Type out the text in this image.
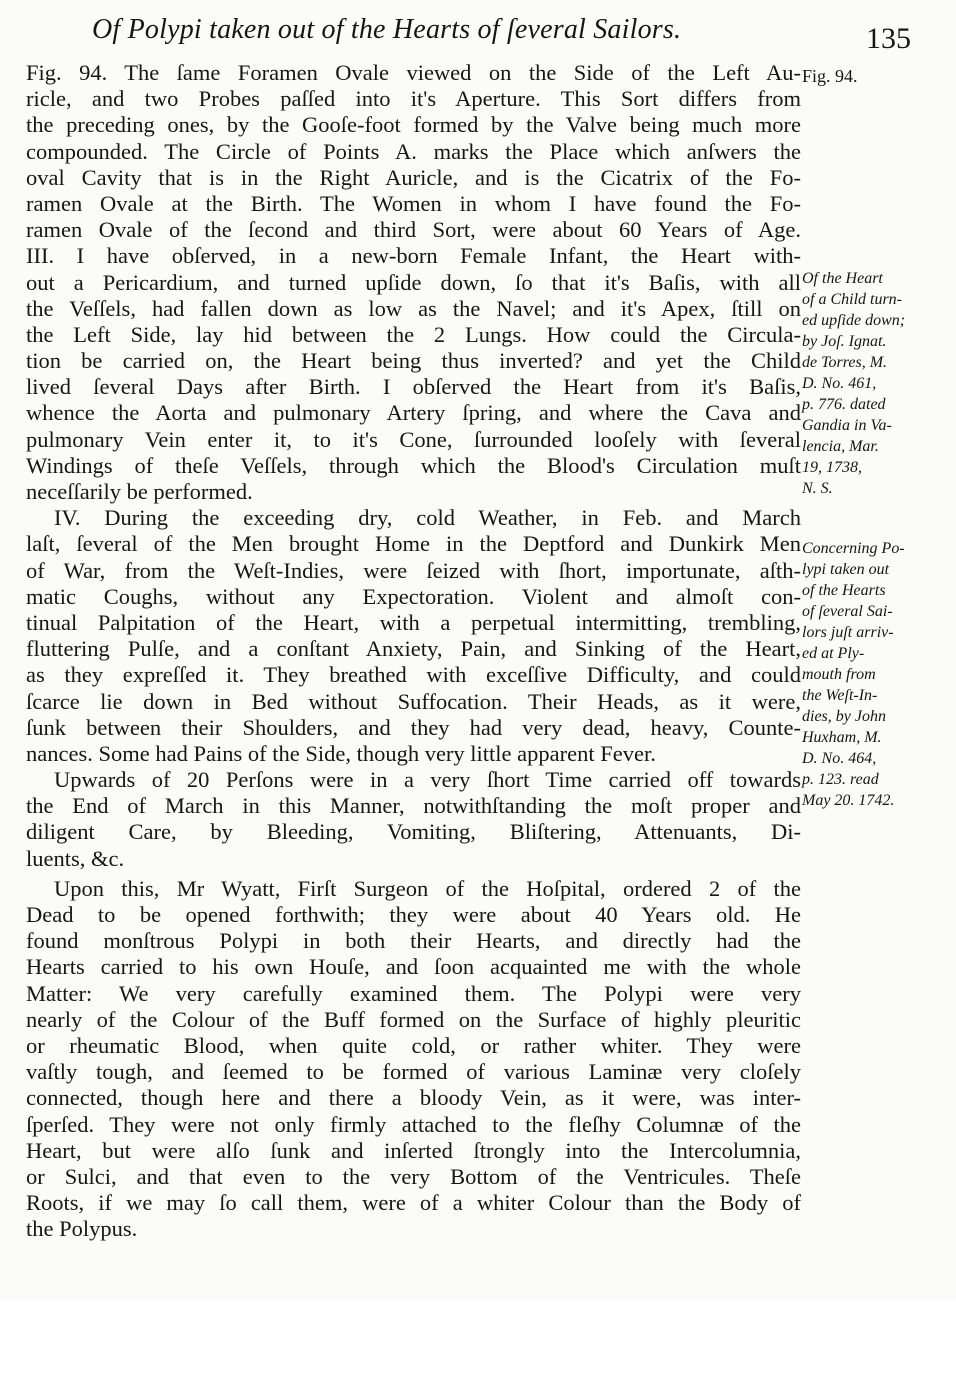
Of Polypi taken out of the Hearts of ſeveral Sailors.	135
Fig. 94. The ſame Foramen Ovale viewed on the Side of the Left Au-
ricle, and two Probes paſſed into it's Aperture. This Sort differs from
the preceding ones, by the Gooſe-foot formed by the Valve being much more
compounded. The Circle of Points A. marks the Place which anſwers the
oval Cavity that is in the Right Auricle, and is the Cicatrix of the Fo-
ramen Ovale at the Birth. The Women in whom I have found the Fo-
ramen Ovale of the ſecond and third Sort, were about 60 Years of Age.
III. I have obſerved, in a new-born Female Infant, the Heart with-
out a Pericardium, and turned upſide down, ſo that it's Baſis, with all
the Veſſels, had fallen down as low as the Navel; and it's Apex, ſtill on
the Left Side, lay hid between the 2 Lungs. How could the Circula-
tion be carried on, the Heart being thus inverted? and yet the Child
lived ſeveral Days after Birth. I obſerved the Heart from it's Baſis,
whence the Aorta and pulmonary Artery ſpring, and where the Cava and
pulmonary Vein enter it, to it's Cone, ſurrounded looſely with ſeveral
Windings of theſe Veſſels, through which the Blood's Circulation muſt
neceſſarily be performed.
IV. During the exceeding dry, cold Weather, in Feb. and March
laſt, ſeveral of the Men brought Home in the Deptford and Dunkirk Men
of War, from the Weſt-Indies, were ſeized with ſhort, importunate, aſth-
matic Coughs, without any Expectoration. Violent and almoſt con-
tinual Palpitation of the Heart, with a perpetual intermitting, trembling,
fluttering Pulſe, and a conſtant Anxiety, Pain, and Sinking of the Heart,
as they expreſſed it. They breathed with exceſſive Difficulty, and could
ſcarce lie down in Bed without Suffocation. Their Heads, as it were,
ſunk between their Shoulders, and they had very dead, heavy, Counte-
nances. Some had Pains of the Side, though very little apparent Fever.
Upwards of 20 Perſons were in a very ſhort Time carried off towards
the End of March in this Manner, notwithſtanding the moſt proper and
diligent Care, by Bleeding, Vomiting, Bliſtering, Attenuants, Di-
luents, &c.
Upon this, Mr Wyatt, Firſt Surgeon of the Hoſpital, ordered 2 of the
Dead to be opened forthwith; they were about 40 Years old. He
found monſtrous Polypi in both their Hearts, and directly had the
Hearts carried to his own Houſe, and ſoon acquainted me with the whole
Matter: We very carefully examined them. The Polypi were very
nearly of the Colour of the Buff formed on the Surface of highly pleuritic
or rheumatic Blood, when quite cold, or rather whiter. They were
vaſtly tough, and ſeemed to be formed of various Laminæ very cloſely
connected, though here and there a bloody Vein, as it were, was inter-
ſperſed. They were not only firmly attached to the fleſhy Columnæ of the
Heart, but were alſo ſunk and inſerted ſtrongly into the Intercolumnia,
or Sulci, and that even to the very Bottom of the Ventricules. Theſe
Roots, if we may ſo call them, were of a whiter Colour than the Body of
the Polypus.
Fig. 94.
Of the Heart
of a Child turn-
ed upſide down;
by Joſ. Ignat.
de Torres, M.
D. No. 461,
p. 776. dated
Gandia in Va-
lencia, Mar.
19, 1738,
N. S.
Concerning Po-
lypi taken out
of the Hearts
of ſeveral Sai-
lors juſt arriv-
ed at Ply-
mouth from
the Weſt-In-
dies, by John
Huxham, M.
D. No. 464,
p. 123. read
May 20. 1742.
